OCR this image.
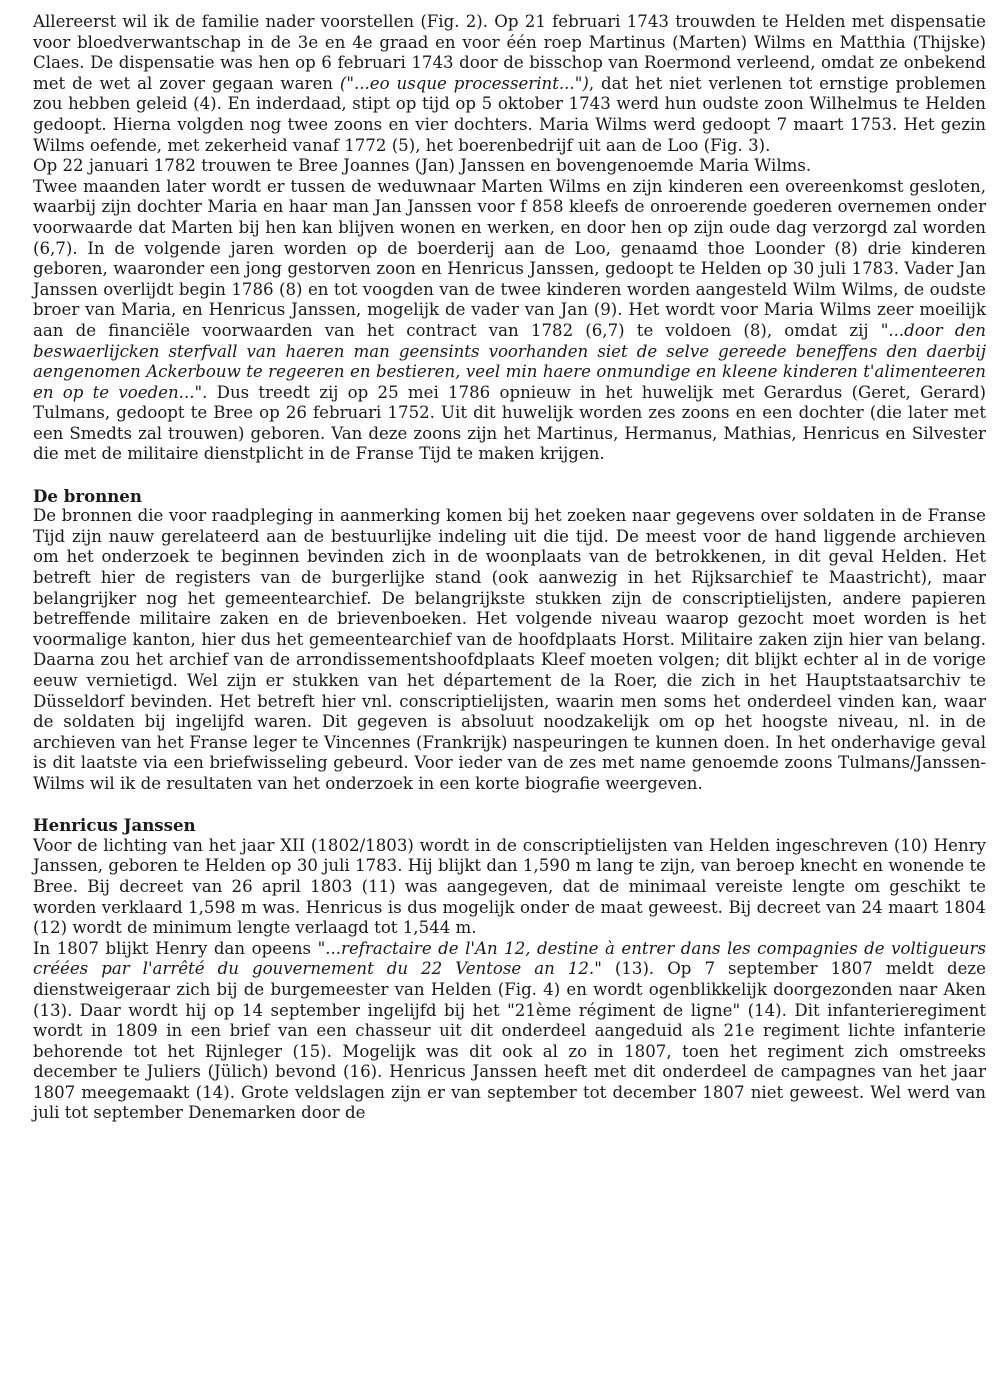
Allereerst wil ik de familie nader voorstellen (Fig. 2). Op 21 februari 1743 trouwden te Helden met dispensatie voor bloedverwantschap in de 3e en 4e graad en voor één roep Martinus (Marten) Wilms en Matthia (Thijske) Claes. De dispensatie was hen op 6 februari 1743 door de bisschop van Roermond verleend, omdat ze onbekend met de wet al zover gegaan waren ("...eo usque processerint..."), dat het niet verlenen tot ernstige problemen zou hebben geleid (4). En inderdaad, stipt op tijd op 5 oktober 1743 werd hun oudste zoon Wilhelmus te Helden gedoopt. Hierna volgden nog twee zoons en vier dochters. Maria Wilms werd gedoopt 7 maart 1753. Het gezin Wilms oefende, met zekerheid vanaf 1772 (5), het boerenbedrijf uit aan de Loo (Fig. 3).

Op 22 januari 1782 trouwen te Bree Joannes (Jan) Janssen en bovengenoemde Maria Wilms.

Twee maanden later wordt er tussen de weduwnaar Marten Wilms en zijn kinderen een overeenkomst gesloten, waarbij zijn dochter Maria en haar man Jan Janssen voor f 858 kleefs de onroerende goederen overnemen onder voorwaarde dat Marten bij hen kan blijven wonen en werken, en door hen op zijn oude dag verzorgd zal worden (6,7). In de volgende jaren worden op de boerderij aan de Loo, genaamd thoe Loonder (8) drie kinderen geboren, waaronder een jong gestorven zoon en Henricus Janssen, gedoopt te Helden op 30 juli 1783. Vader Jan Janssen overlijdt begin 1786 (8) en tot voogden van de twee kinderen worden aangesteld Wilm Wilms, de oudste broer van Maria, en Henricus Janssen, mogelijk de vader van Jan (9). Het wordt voor Maria Wilms zeer moeilijk aan de financiële voorwaarden van het contract van 1782 (6,7) te voldoen (8), omdat zij "...door den beswaerlijcken sterfvall van haeren man geensints voorhanden siet de selve gereede beneffens den daerbij aengenomen Ackerbouw te regeeren en bestieren, veel min haere onmundige en kleene kinderen t'alimenteeren en op te voeden...". Dus treedt zij op 25 mei 1786 opnieuw in het huwelijk met Gerardus (Geret, Gerard) Tulmans, gedoopt te Bree op 26 februari 1752. Uit dit huwelijk worden zes zoons en een dochter (die later met een Smedts zal trouwen) geboren. Van deze zoons zijn het Martinus, Hermanus, Mathias, Henricus en Silvester die met de militaire dienstplicht in de Franse Tijd te maken krijgen.

De bronnen

De bronnen die voor raadpleging in aanmerking komen bij het zoeken naar gegevens over soldaten in de Franse Tijd zijn nauw gerelateerd aan de bestuurlijke indeling uit die tijd. De meest voor de hand liggende archieven om het onderzoek te beginnen bevinden zich in de woonplaats van de betrokkenen, in dit geval Helden. Het betreft hier de registers van de burgerlijke stand (ook aanwezig in het Rijksarchief te Maastricht), maar belangrijker nog het gemeentearchief. De belangrijkste stukken zijn de conscriptielijsten, andere papieren betreffende militaire zaken en de brievenboeken. Het volgende niveau waarop gezocht moet worden is het voormalige kanton, hier dus het gemeentearchief van de hoofdplaats Horst. Militaire zaken zijn hier van belang. Daarna zou het archief van de arrondissementshoofdplaats Kleef moeten volgen; dit blijkt echter al in de vorige eeuw vernietigd. Wel zijn er stukken van het département de la Roer, die zich in het Hauptstaatsarchiv te Düsseldorf bevinden. Het betreft hier vnl. conscriptielijsten, waarin men soms het onderdeel vinden kan, waar de soldaten bij ingelijfd waren. Dit gegeven is absoluut noodzakelijk om op het hoogste niveau, nl. in de archieven van het Franse leger te Vincennes (Frankrijk) naspeuringen te kunnen doen. In het onderhavige geval is dit laatste via een briefwisseling gebeurd. Voor ieder van de zes met name genoemde zoons Tulmans/Janssen-Wilms wil ik de resultaten van het onderzoek in een korte biografie weergeven.

Henricus Janssen

Voor de lichting van het jaar XII (1802/1803) wordt in de conscriptielijsten van Helden ingeschreven (10) Henry Janssen, geboren te Helden op 30 juli 1783. Hij blijkt dan 1,590 m lang te zijn, van beroep knecht en wonende te Bree. Bij decreet van 26 april 1803 (11) was aangegeven, dat de minimaal vereiste lengte om geschikt te worden verklaard 1,598 m was. Henricus is dus mogelijk onder de maat geweest. Bij decreet van 24 maart 1804 (12) wordt de minimum lengte verlaagd tot 1,544 m.

In 1807 blijkt Henry dan opeens "...refractaire de l'An 12, destine à entrer dans les compagnies de voltigueurs créées par l'arrêté du gouvernement du 22 Ventose an 12." (13). Op 7 september 1807 meldt deze dienstweigeraar zich bij de burgemeester van Helden (Fig. 4) en wordt ogenblikkelijk doorgezonden naar Aken (13). Daar wordt hij op 14 september ingelijfd bij het "21ème régiment de ligne" (14). Dit infanterieregiment wordt in 1809 in een brief van een chasseur uit dit onderdeel aangeduid als 21e regiment lichte infanterie behorende tot het Rijnleger (15). Mogelijk was dit ook al zo in 1807, toen het regiment zich omstreeks december te Juliers (Jülich) bevond (16). Henricus Janssen heeft met dit onderdeel de campagnes van het jaar 1807 meegemaakt (14). Grote veldslagen zijn er van september tot december 1807 niet geweest. Wel werd van juli tot september Denemarken door de
